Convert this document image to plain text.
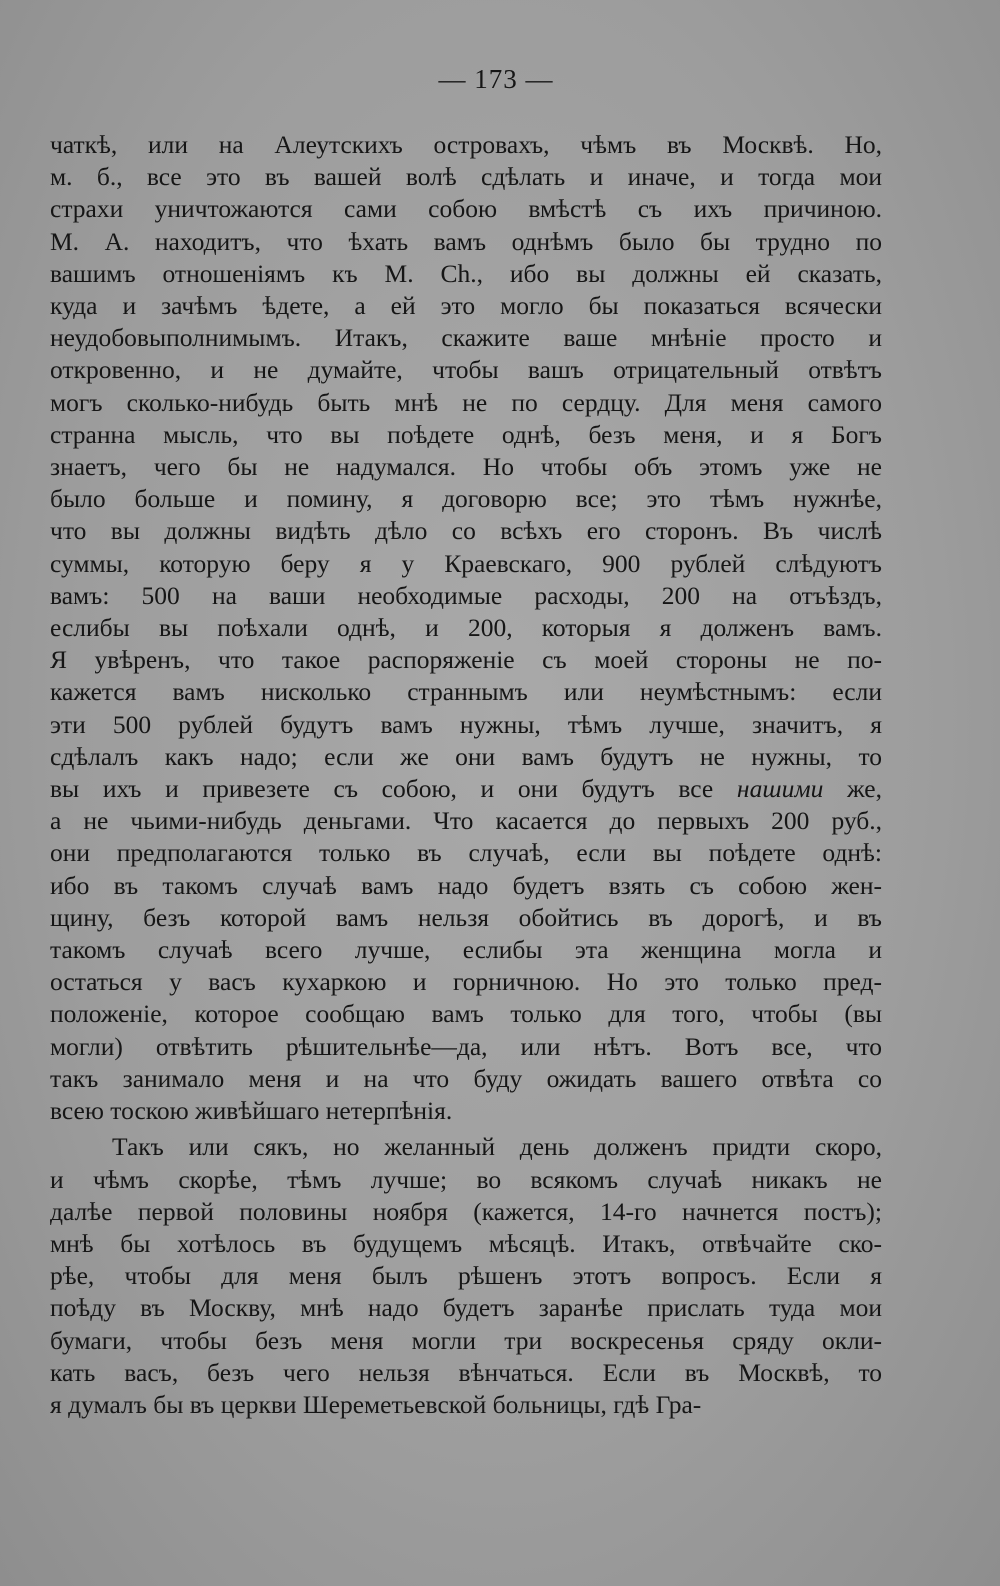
— 173 —

чаткѣ, или на Алеутскихъ островахъ, чѣмъ въ Москвѣ. Но,
м. б., все это въ вашей волѣ сдѣлать и иначе, и тогда мои
страхи уничтожаются сами собою вмѣстѣ съ ихъ причиною.
М. А. находитъ, что ѣхать вамъ однѣмъ было бы трудно по
вашимъ отношеніямъ къ М. Ch., ибо вы должны ей сказать,
куда и зачѣмъ ѣдете, а ей это могло бы показаться всячески
неудобовыполнимымъ. Итакъ, скажите ваше мнѣніе просто и
откровенно, и не думайте, чтобы вашъ отрицательный отвѣтъ
могъ сколько-нибудь быть мнѣ не по сердцу. Для меня самого
странна мысль, что вы поѣдете однѣ, безъ меня, и я Богъ
знаетъ, чего бы не надумался. Но чтобы объ этомъ уже не
было больше и помину, я договорю все; это тѣмъ нужнѣе,
что вы должны видѣть дѣло со всѣхъ его сторонъ. Въ числѣ
суммы, которую беру я у Краевскаго, 900 рублей слѣдуютъ
вамъ: 500 на ваши необходимые расходы, 200 на отъѣздъ,
еслибы вы поѣхали однѣ, и 200, которыя я долженъ вамъ.
Я увѣренъ, что такое распоряженіе съ моей стороны не по-
кажется вамъ нисколько страннымъ или неумѣстнымъ: если
эти 500 рублей будутъ вамъ нужны, тѣмъ лучше, значитъ, я
сдѣлалъ какъ надо; если же они вамъ будутъ не нужны, то
вы ихъ и привезете съ собою, и они будутъ все нашими же,
а не чьими-нибудь деньгами. Что касается до первыхъ 200 руб.,
они предполагаются только въ случаѣ, если вы поѣдете однѣ:
ибо въ такомъ случаѣ вамъ надо будетъ взять съ собою жен-
щину, безъ которой вамъ нельзя обойтись въ дорогѣ, и въ
такомъ случаѣ всего лучше, еслибы эта женщина могла и
остаться у васъ кухаркою и горничною. Но это только пред-
положеніе, которое сообщаю вамъ только для того, чтобы (вы
могли) отвѣтить рѣшительнѣе—да, или нѣтъ. Вотъ все, что
такъ занимало меня и на что буду ожидать вашего отвѣта со
всею тоскою живѣйшаго нетерпѣнія.

Такъ или сякъ, но желанный день долженъ придти скоро,
и чѣмъ скорѣе, тѣмъ лучше; во всякомъ случаѣ никакъ не
далѣе первой половины ноября (кажется, 14-го начнется постъ);
мнѣ бы хотѣлось въ будущемъ мѣсяцѣ. Итакъ, отвѣчайте ско-
рѣе, чтобы для меня былъ рѣшенъ этотъ вопросъ. Если я
поѣду въ Москву, мнѣ надо будетъ заранѣе прислать туда мои
бумаги, чтобы безъ меня могли три воскресенья сряду окли-
кать васъ, безъ чего нельзя вѣнчаться. Если въ Москвѣ, то
я думалъ бы въ церкви Шереметьевской больницы, гдѣ Гра-
